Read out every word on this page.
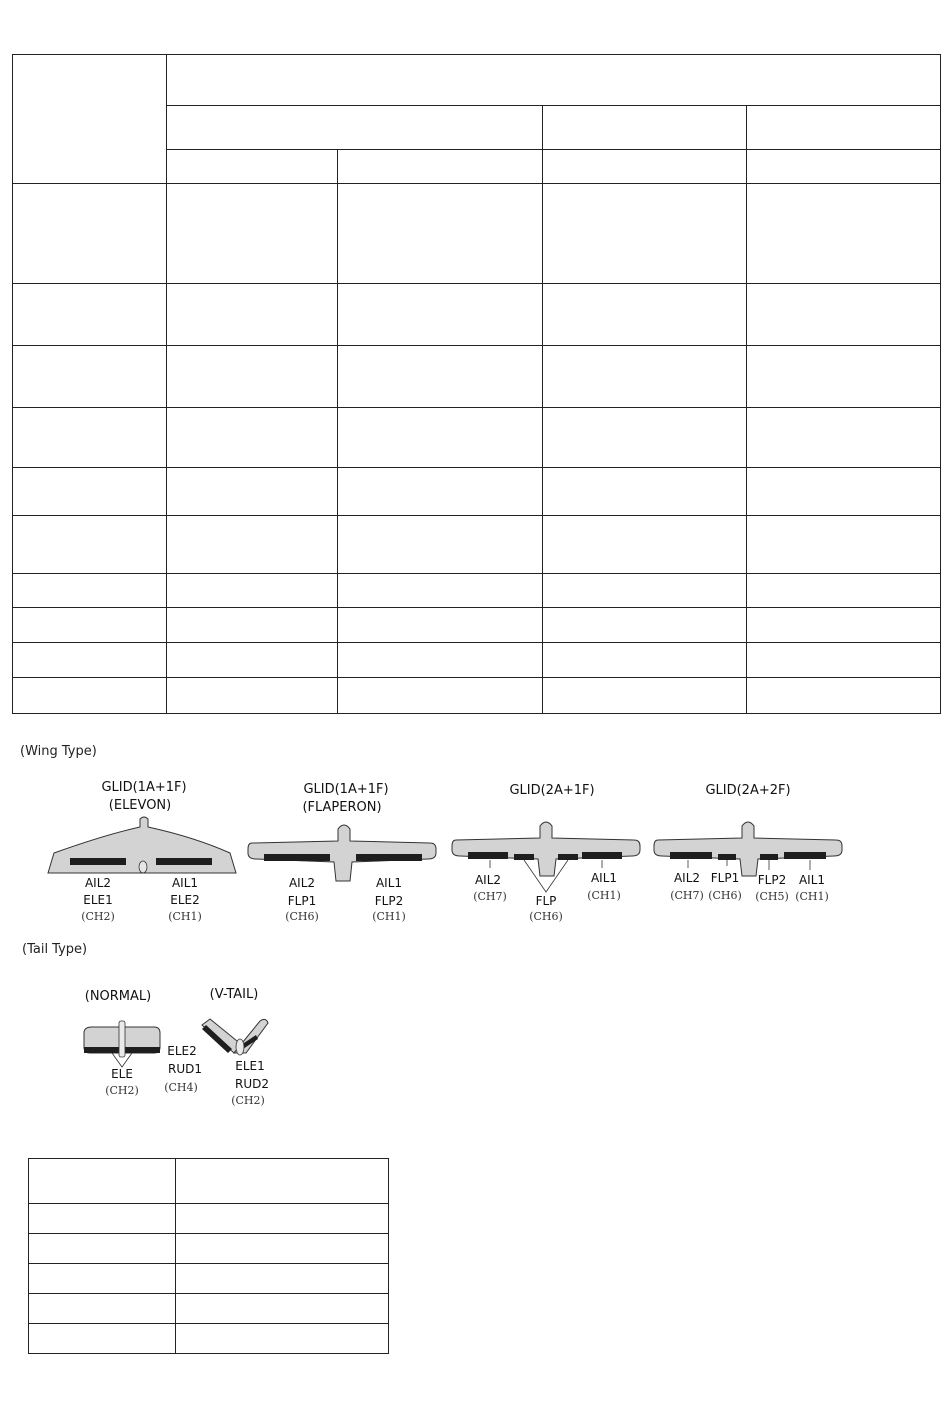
(Wing Type)
(Tail Type)
GLID(1A+1F)
(ELEVON)
AIL2
ELE1
(CH2)
AIL1
ELE2
(CH1)
GLID(1A+1F)
(FLAPERON)
AIL2
FLP1
(CH6)
AIL1
FLP2
(CH1)
GLID(2A+1F)
AIL2
(CH7) FLP
(CH6)
AIL1
(CH1)
GLID(2A+2F)
AIL2
(CH7)
FLP1
(CH6)
FLP2
(CH5)
AIL1
(CH1)
(NORMAL)
ELE
(CH2)
(V-TAIL)
ELE2
RUD1
(CH4)
ELE1
RUD2
(CH2)
